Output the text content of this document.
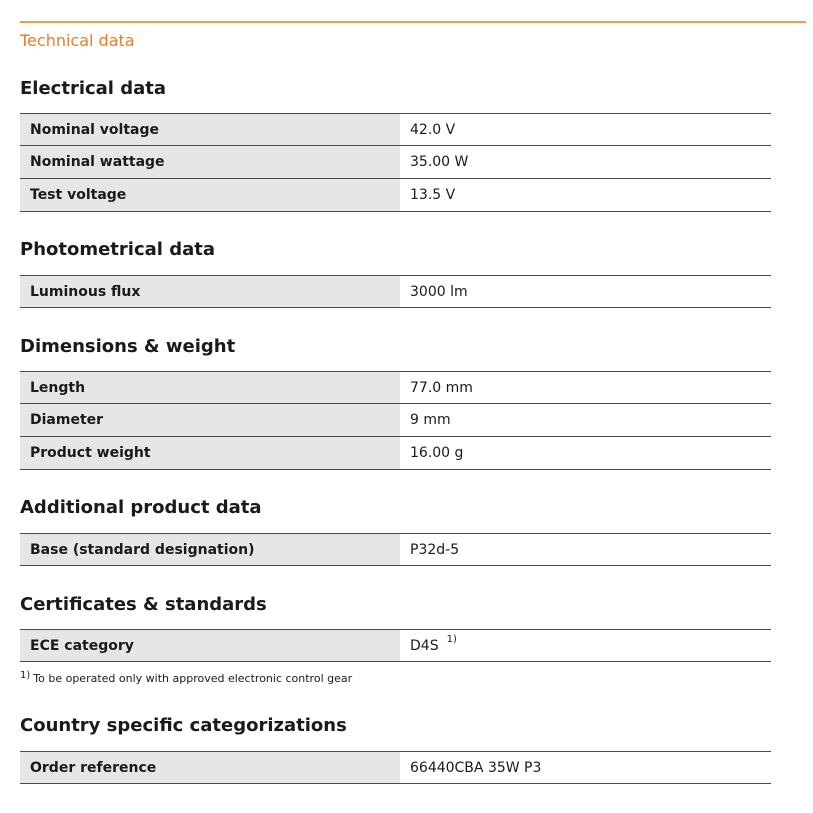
Technical data
Electrical data
Nominal voltage	42.0 V
Nominal wattage	35.00 W
Test voltage	13.5 V
Photometrical data
Luminous flux	3000 lm
Dimensions & weight
Length	77.0 mm
Diameter	9 mm
Product weight	16.00 g
Additional product data
Base (standard designation)	P32d-5
Certificates & standards
ECE category	D4S 1)
1) To be operated only with approved electronic control gear
Country specific categorizations
Order reference	66440CBA 35W P3
